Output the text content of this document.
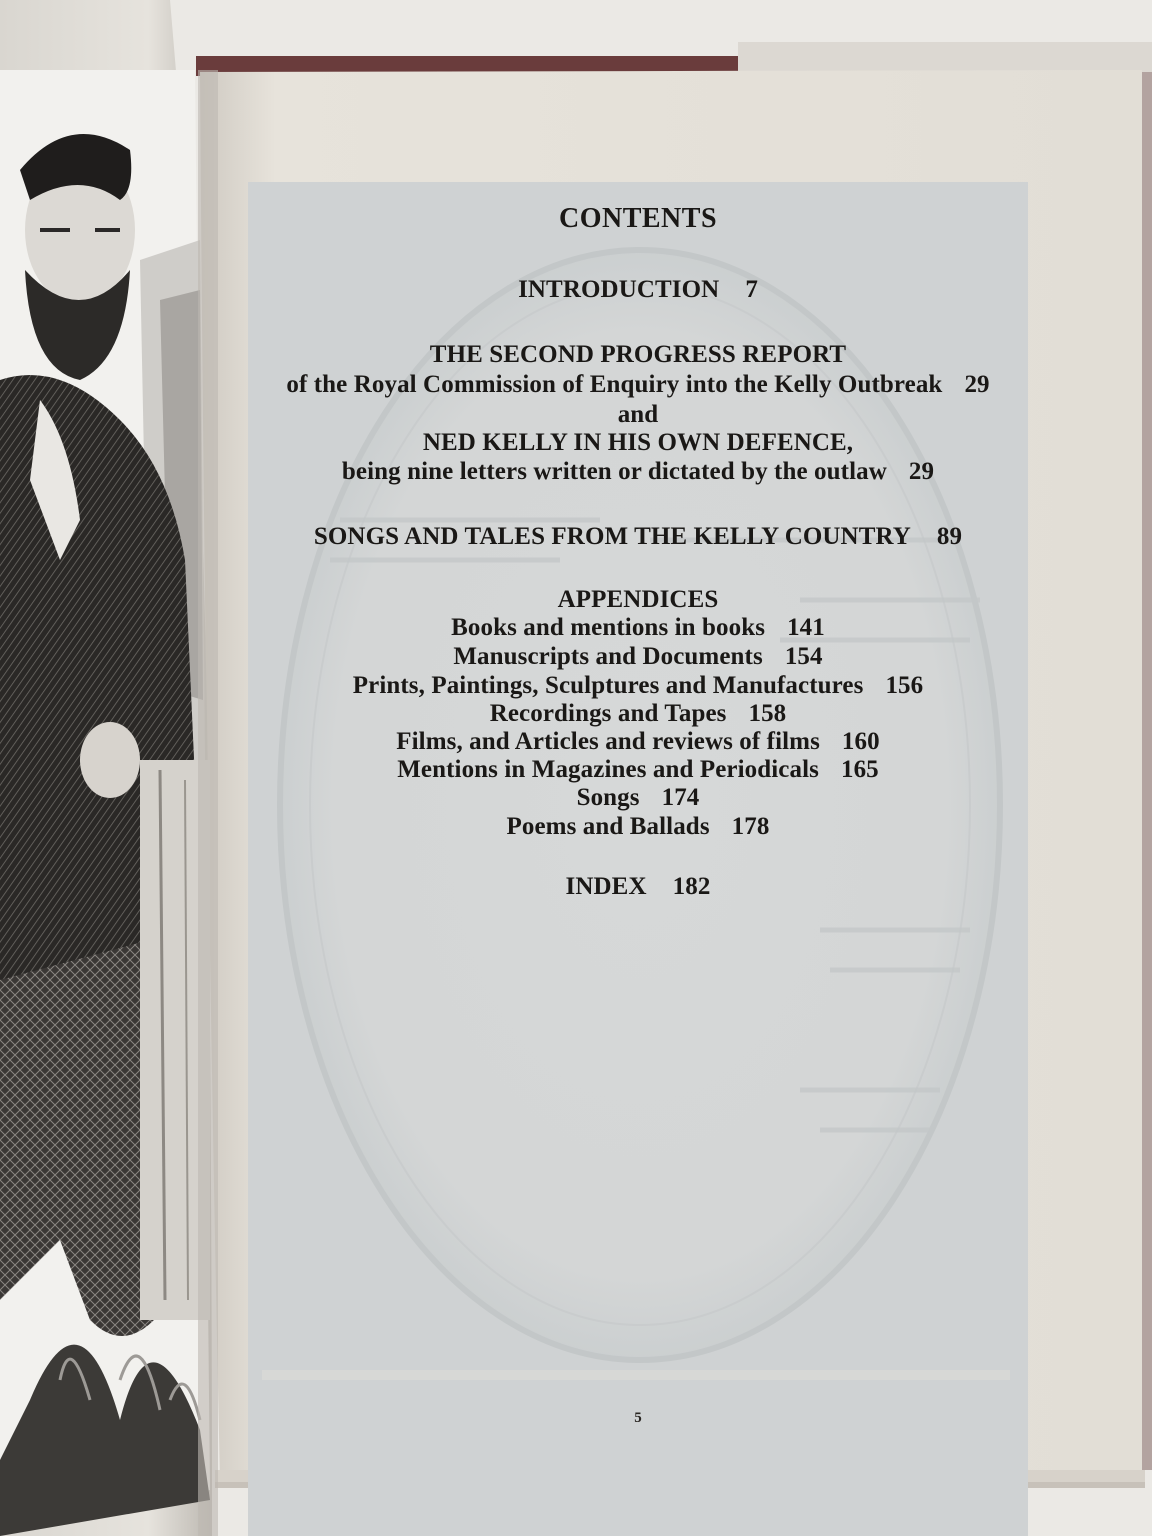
CONTENTS
INTRODUCTION 7
THE SECOND PROGRESS REPORT
of the Royal Commission of Enquiry into the Kelly Outbreak 29
and
NED KELLY IN HIS OWN DEFENCE,
being nine letters written or dictated by the outlaw 29
SONGS AND TALES FROM THE KELLY COUNTRY 89
APPENDICES
Books and mentions in books 141
Manuscripts and Documents 154
Prints, Paintings, Sculptures and Manufactures 156
Recordings and Tapes 158
Films, and Articles and reviews of films 160
Mentions in Magazines and Periodicals 165
Songs 174
Poems and Ballads 178
INDEX 182
5
